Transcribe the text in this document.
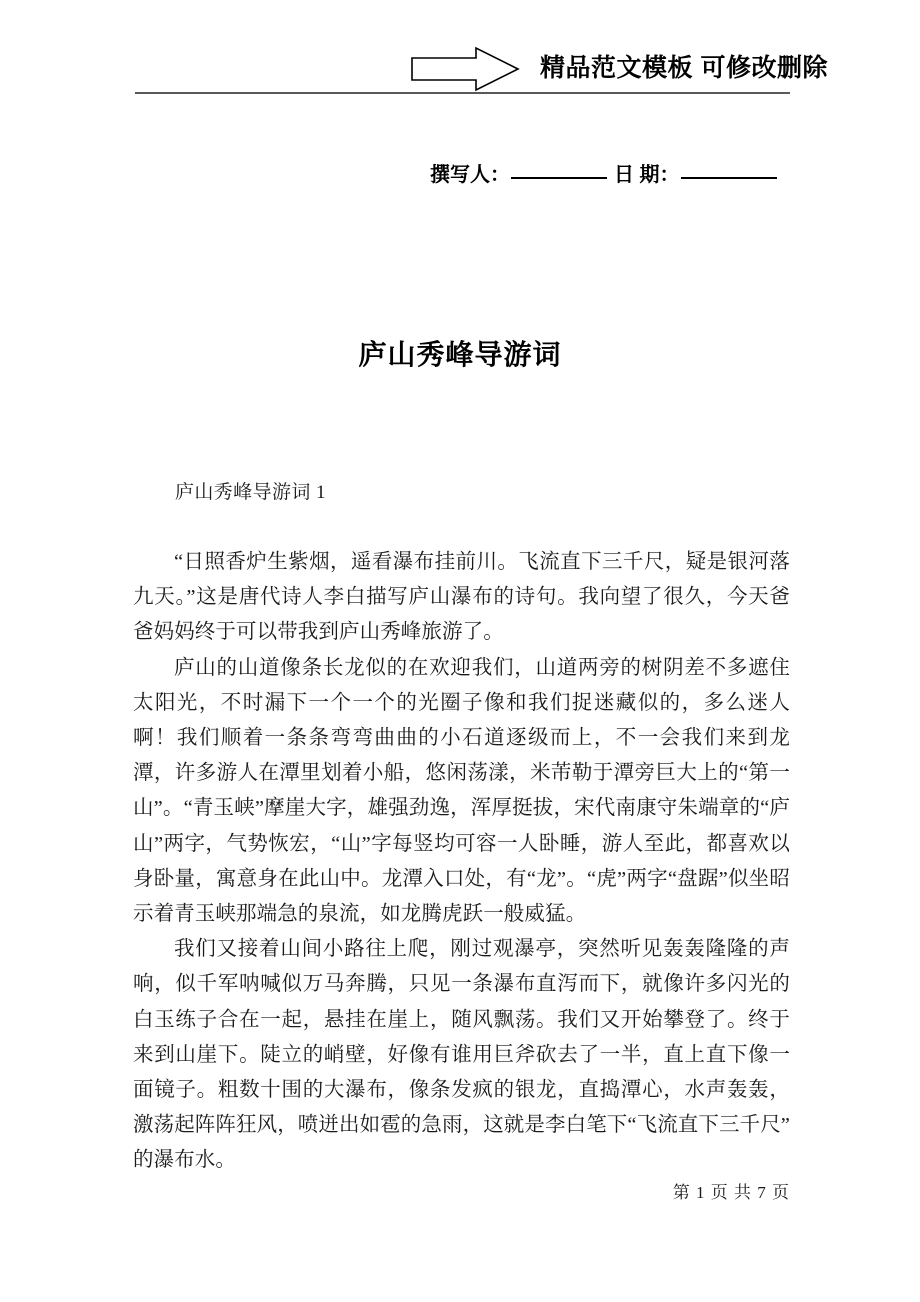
精品范文模板 可修改删除
撰写人：	日 期：
庐山秀峰导游词
庐山秀峰导游词 1

“日照香炉生紫烟，遥看瀑布挂前川。飞流直下三千尺，疑是银河落九天。”这是唐代诗人李白描写庐山瀑布的诗句。我向望了很久，今天爸爸妈妈终于可以带我到庐山秀峰旅游了。

庐山的山道像条长龙似的在欢迎我们，山道两旁的树阴差不多遮住太阳光，不时漏下一个一个的光圈子像和我们捉迷藏似的，多么迷人啊！我们顺着一条条弯弯曲曲的小石道逐级而上，不一会我们来到龙潭，许多游人在潭里划着小船，悠闲荡漾，米芾勒于潭旁巨大上的“第一山”。“青玉峡”摩崖大字，雄强劲逸，浑厚挺拔，宋代南康守朱端章的“庐山”两字，气势恢宏，“山”字每竖均可容一人卧睡，游人至此，都喜欢以身卧量，寓意身在此山中。龙潭入口处，有“龙”。“虎”两字“盘踞”似坐昭示着青玉峡那端急的泉流，如龙腾虎跃一般威猛。

我们又接着山间小路往上爬，刚过观瀑亭，突然听见轰轰隆隆的声响，似千军呐喊似万马奔腾，只见一条瀑布直泻而下，就像许多闪光的白玉练子合在一起，悬挂在崖上，随风飘荡。我们又开始攀登了。终于来到山崖下。陡立的峭壁，好像有谁用巨斧砍去了一半，直上直下像一面镜子。粗数十围的大瀑布，像条发疯的银龙，直捣潭心，水声轰轰，激荡起阵阵狂风，喷迸出如雹的急雨，这就是李白笔下“飞流直下三千尺”的瀑布水。

第 1 页 共 7 页
